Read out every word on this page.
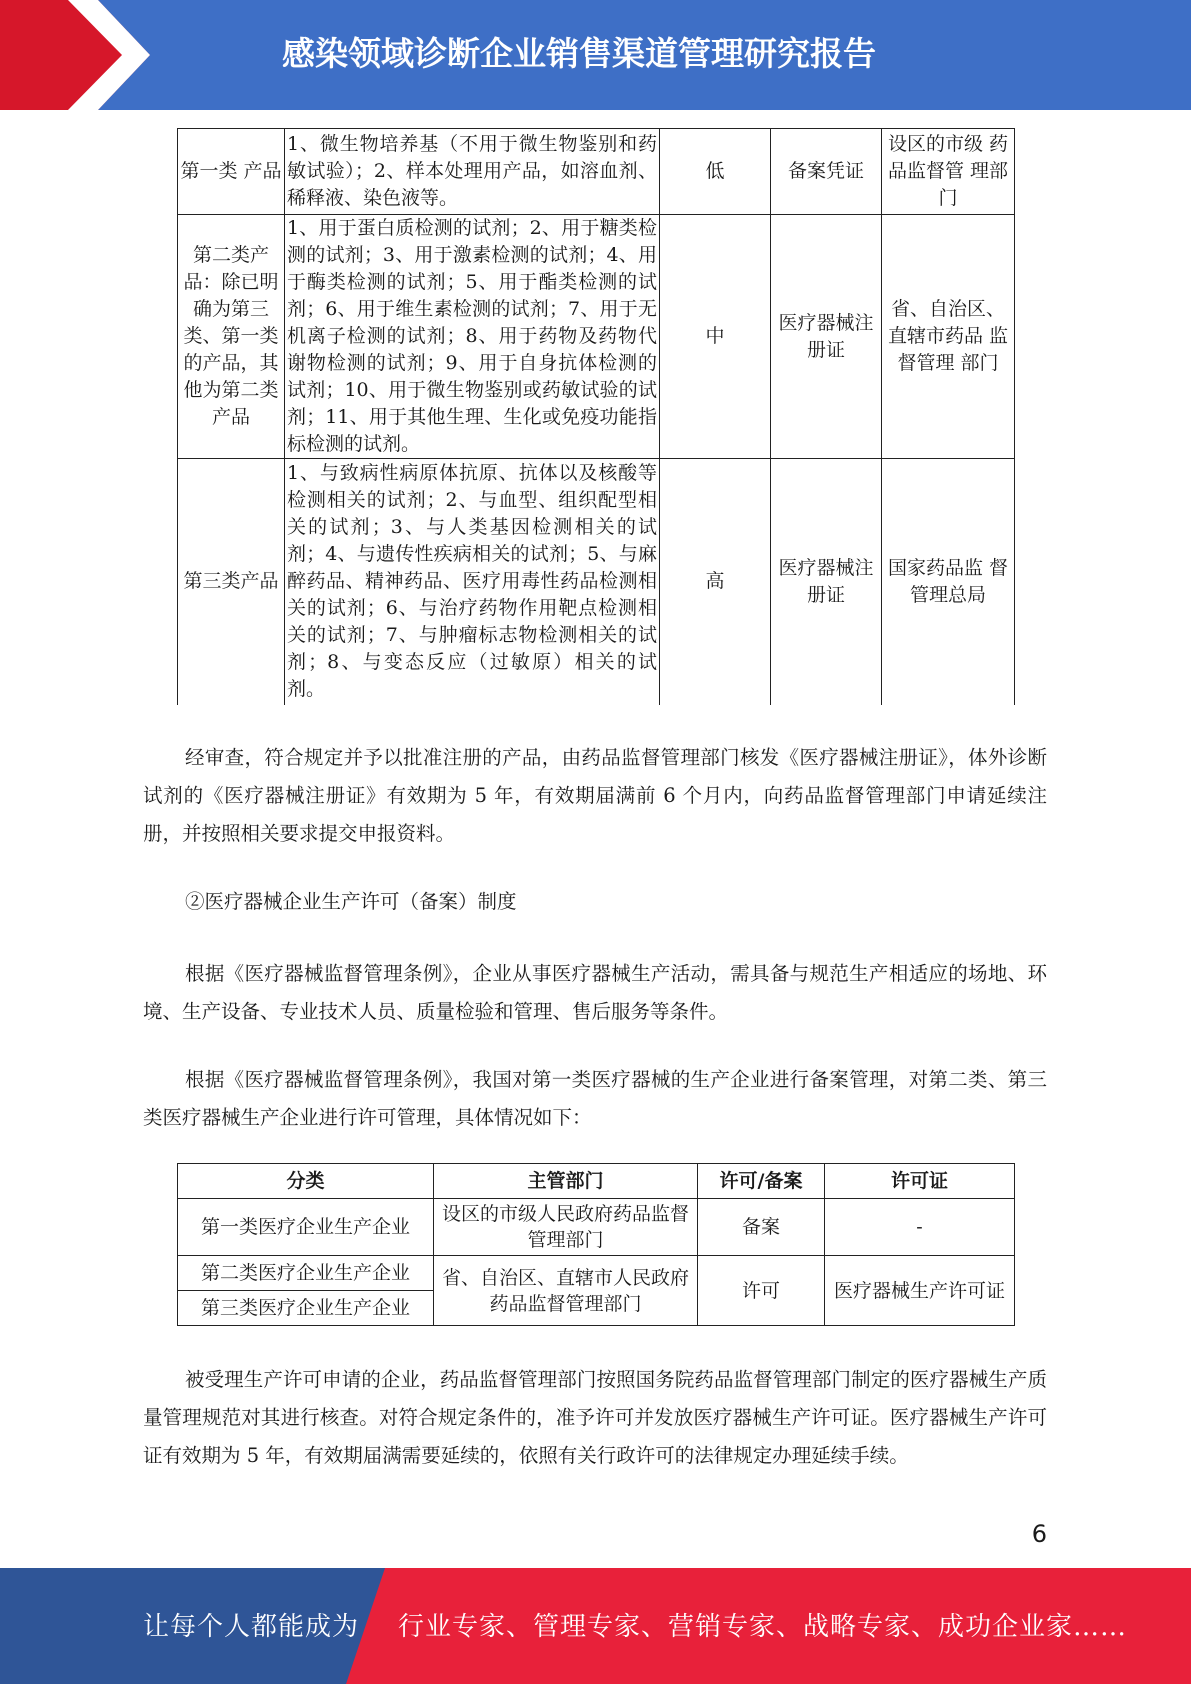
感染领域诊断企业销售渠道管理研究报告
第一类 产品	1、微生物培养基（不用于微生物鉴别和药敏试验）；2、样本处理用产品，如溶血剂、稀释液、染色液等。	低	备案凭证	设区的市级 药品监督管 理部门
第二类产品：除已明确为第三类、第一类的产品，其他为第二类产品	1、用于蛋白质检测的试剂；2、用于糖类检测的试剂；3、用于激素检测的试剂；4、用于酶类检测的试剂；5、用于酯类检测的试剂；6、用于维生素检测的试剂；7、用于无机离子检测的试剂；8、用于药物及药物代谢物检测的试剂；9、用于自身抗体检测的试剂；10、用于微生物鉴别或药敏试验的试剂；11、用于其他生理、生化或免疫功能指标检测的试剂。	中	医疗器械注册证	省、自治区、直辖市药品 监督管理 部门
第三类产品	1、与致病性病原体抗原、抗体以及核酸等检测相关的试剂；2、与血型、组织配型相关的试剂；3、与人类基因检测相关的试剂；4、与遗传性疾病相关的试剂；5、与麻醉药品、精神药品、医疗用毒性药品检测相关的试剂；6、与治疗药物作用靶点检测相关的试剂；7、与肿瘤标志物检测相关的试剂；8、与变态反应（过敏原）相关的试剂。	高	医疗器械注册证	国家药品监 督管理总局

经审查，符合规定并予以批准注册的产品，由药品监督管理部门核发《医疗器械注册证》，体外诊断试剂的《医疗器械注册证》有效期为 5 年，有效期届满前 6 个月内，向药品监督管理部门申请延续注册，并按照相关要求提交申报资料。

②医疗器械企业生产许可（备案）制度

根据《医疗器械监督管理条例》，企业从事医疗器械生产活动，需具备与规范生产相适应的场地、环境、生产设备、专业技术人员、质量检验和管理、售后服务等条件。

根据《医疗器械监督管理条例》，我国对第一类医疗器械的生产企业进行备案管理，对第二类、第三类医疗器械生产企业进行许可管理，具体情况如下：

分类	主管部门	许可/备案	许可证
第一类医疗企业生产企业	设区的市级人民政府药品监督管理部门	备案	-
第二类医疗企业生产企业	省、自治区、直辖市人民政府药品监督管理部门	许可	医疗器械生产许可证
第三类医疗企业生产企业			

被受理生产许可申请的企业，药品监督管理部门按照国务院药品监督管理部门制定的医疗器械生产质量管理规范对其进行核查。对符合规定条件的，准予许可并发放医疗器械生产许可证。医疗器械生产许可证有效期为 5 年，有效期届满需要延续的，依照有关行政许可的法律规定办理延续手续。

6
让每个人都能成为 行业专家、管理专家、营销专家、战略专家、成功企业家……
